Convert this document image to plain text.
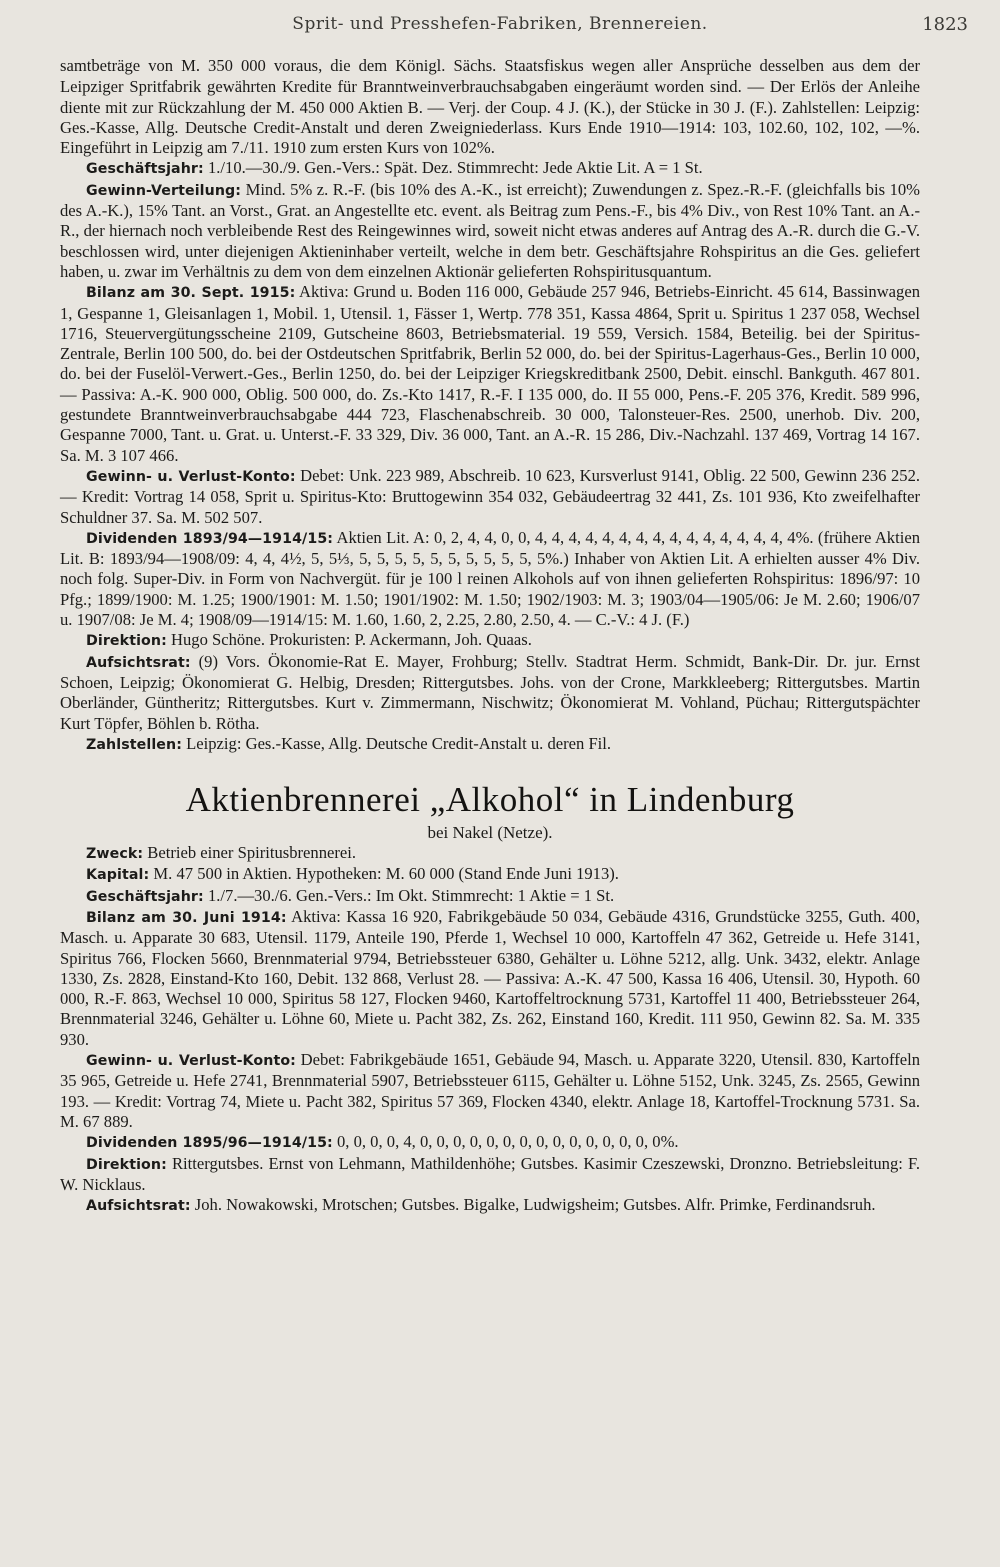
Sprit- und Presshefen-Fabriken, Brennereien.	1823

samtbeträge von M. 350 000 voraus, die dem Königl. Sächs. Staatsfiskus wegen aller Ansprüche desselben aus dem der Leipziger Spritfabrik gewährten Kredite für Branntweinverbrauchsabgaben eingeräumt worden sind. — Der Erlös der Anleihe diente mit zur Rückzahlung der M. 450 000 Aktien B. — Verj. der Coup. 4 J. (K.), der Stücke in 30 J. (F.). Zahlstellen: Leipzig: Ges.-Kasse, Allg. Deutsche Credit-Anstalt und deren Zweigniederlass. Kurs Ende 1910—1914: 103, 102.60, 102, 102, —%. Eingeführt in Leipzig am 7./11. 1910 zum ersten Kurs von 102%.

Geschäftsjahr: 1./10.—30./9. Gen.-Vers.: Spät. Dez. Stimmrecht: Jede Aktie Lit. A = 1 St.

Gewinn-Verteilung: Mind. 5% z. R.-F. (bis 10% des A.-K., ist erreicht); Zuwendungen z. Spez.-R.-F. (gleichfalls bis 10% des A.-K.), 15% Tant. an Vorst., Grat. an Angestellte etc. event. als Beitrag zum Pens.-F., bis 4% Div., von Rest 10% Tant. an A.-R., der hiernach noch verbleibende Rest des Reingewinnes wird, soweit nicht etwas anderes auf Antrag des A.-R. durch die G.-V. beschlossen wird, unter diejenigen Aktieninhaber verteilt, welche in dem betr. Geschäftsjahre Rohspiritus an die Ges. geliefert haben, u. zwar im Verhältnis zu dem von dem einzelnen Aktionär gelieferten Rohspiritusquantum.

Bilanz am 30. Sept. 1915: Aktiva: Grund u. Boden 116 000, Gebäude 257 946, Betriebs-Einricht. 45 614, Bassinwagen 1, Gespanne 1, Gleisanlagen 1, Mobil. 1, Utensil. 1, Fässer 1, Wertp. 778 351, Kassa 4864, Sprit u. Spiritus 1 237 058, Wechsel 1716, Steuervergütungsscheine 2109, Gutscheine 8603, Betriebsmaterial. 19 559, Versich. 1584, Beteilig. bei der Spiritus-Zentrale, Berlin 100 500, do. bei der Ostdeutschen Spritfabrik, Berlin 52 000, do. bei der Spiritus-Lagerhaus-Ges., Berlin 10 000, do. bei der Fuselöl-Verwert.-Ges., Berlin 1250, do. bei der Leipziger Kriegskreditbank 2500, Debit. einschl. Bankguth. 467 801. — Passiva: A.-K. 900 000, Oblig. 500 000, do. Zs.-Kto 1417, R.-F. I 135 000, do. II 55 000, Pens.-F. 205 376, Kredit. 589 996, gestundete Branntweinverbrauchsabgabe 444 723, Flaschenabschreib. 30 000, Talonsteuer-Res. 2500, unerhob. Div. 200, Gespanne 7000, Tant. u. Grat. u. Unterst.-F. 33 329, Div. 36 000, Tant. an A.-R. 15 286, Div.-Nachzahl. 137 469, Vortrag 14 167. Sa. M. 3 107 466.

Gewinn- u. Verlust-Konto: Debet: Unk. 223 989, Abschreib. 10 623, Kursverlust 9141, Oblig. 22 500, Gewinn 236 252. — Kredit: Vortrag 14 058, Sprit u. Spiritus-Kto: Bruttogewinn 354 032, Gebäudeertrag 32 441, Zs. 101 936, Kto zweifelhafter Schuldner 37. Sa. M. 502 507.

Dividenden 1893/94—1914/15: Aktien Lit. A: 0, 2, 4, 4, 0, 0, 4, 4, 4, 4, 4, 4, 4, 4, 4, 4, 4, 4, 4, 4, 4, 4%. (frühere Aktien Lit. B: 1893/94—1908/09: 4, 4, 4½, 5, 5⅓, 5, 5, 5, 5, 5, 5, 5, 5, 5, 5, 5%.) Inhaber von Aktien Lit. A erhielten ausser 4% Div. noch folg. Super-Div. in Form von Nachvergüt. für je 100 l reinen Alkohols auf von ihnen gelieferten Rohspiritus: 1896/97: 10 Pfg.; 1899/1900: M. 1.25; 1900/1901: M. 1.50; 1901/1902: M. 1.50; 1902/1903: M. 3; 1903/04—1905/06: Je M. 2.60; 1906/07 u. 1907/08: Je M. 4; 1908/09—1914/15: M. 1.60, 1.60, 2, 2.25, 2.80, 2.50, 4. — C.-V.: 4 J. (F.)

Direktion: Hugo Schöne. Prokuristen: P. Ackermann, Joh. Quaas.

Aufsichtsrat: (9) Vors. Ökonomie-Rat E. Mayer, Frohburg; Stellv. Stadtrat Herm. Schmidt, Bank-Dir. Dr. jur. Ernst Schoen, Leipzig; Ökonomierat G. Helbig, Dresden; Rittergutsbes. Johs. von der Crone, Markkleeberg; Rittergutsbes. Martin Oberländer, Güntheritz; Rittergutsbes. Kurt v. Zimmermann, Nischwitz; Ökonomierat M. Vohland, Püchau; Rittergutspächter Kurt Töpfer, Böhlen b. Rötha.

Zahlstellen: Leipzig: Ges.-Kasse, Allg. Deutsche Credit-Anstalt u. deren Fil.

Aktienbrennerei „Alkohol“ in Lindenburg

bei Nakel (Netze).

Zweck: Betrieb einer Spiritusbrennerei.

Kapital: M. 47 500 in Aktien. Hypotheken: M. 60 000 (Stand Ende Juni 1913).

Geschäftsjahr: 1./7.—30./6. Gen.-Vers.: Im Okt. Stimmrecht: 1 Aktie = 1 St.

Bilanz am 30. Juni 1914: Aktiva: Kassa 16 920, Fabrikgebäude 50 034, Gebäude 4316, Grundstücke 3255, Guth. 400, Masch. u. Apparate 30 683, Utensil. 1179, Anteile 190, Pferde 1, Wechsel 10 000, Kartoffeln 47 362, Getreide u. Hefe 3141, Spiritus 766, Flocken 5660, Brennmaterial 9794, Betriebssteuer 6380, Gehälter u. Löhne 5212, allg. Unk. 3432, elektr. Anlage 1330, Zs. 2828, Einstand-Kto 160, Debit. 132 868, Verlust 28. — Passiva: A.-K. 47 500, Kassa 16 406, Utensil. 30, Hypoth. 60 000, R.-F. 863, Wechsel 10 000, Spiritus 58 127, Flocken 9460, Kartoffeltrocknung 5731, Kartoffel 11 400, Betriebssteuer 264, Brennmaterial 3246, Gehälter u. Löhne 60, Miete u. Pacht 382, Zs. 262, Einstand 160, Kredit. 111 950, Gewinn 82. Sa. M. 335 930.

Gewinn- u. Verlust-Konto: Debet: Fabrikgebäude 1651, Gebäude 94, Masch. u. Apparate 3220, Utensil. 830, Kartoffeln 35 965, Getreide u. Hefe 2741, Brennmaterial 5907, Betriebssteuer 6115, Gehälter u. Löhne 5152, Unk. 3245, Zs. 2565, Gewinn 193. — Kredit: Vortrag 74, Miete u. Pacht 382, Spiritus 57 369, Flocken 4340, elektr. Anlage 18, Kartoffel-Trocknung 5731. Sa. M. 67 889.

Dividenden 1895/96—1914/15: 0, 0, 0, 0, 4, 0, 0, 0, 0, 0, 0, 0, 0, 0, 0, 0, 0, 0, 0, 0%.

Direktion: Rittergutsbes. Ernst von Lehmann, Mathildenhöhe; Gutsbes. Kasimir Czeszewski, Dronzno. Betriebsleitung: F. W. Nicklaus.

Aufsichtsrat: Joh. Nowakowski, Mrotschen; Gutsbes. Bigalke, Ludwigsheim; Gutsbes. Alfr. Primke, Ferdinandsruh.
